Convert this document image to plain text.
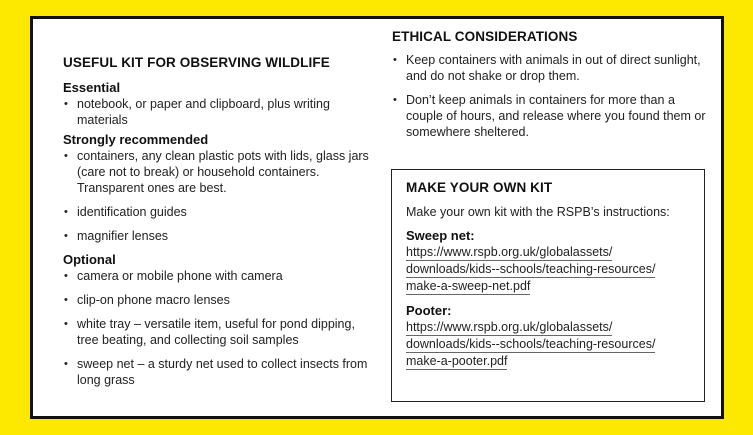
USEFUL KIT FOR OBSERVING WILDLIFE
Essential
• notebook, or paper and clipboard, plus writing materials
Strongly recommended
• containers, any clean plastic pots with lids, glass jars (care not to break) or household containers. Transparent ones are best.
• identification guides
• magnifier lenses
Optional
• camera or mobile phone with camera
• clip-on phone macro lenses
• white tray – versatile item, useful for pond dipping, tree beating, and collecting soil samples
• sweep net – a sturdy net used to collect insects from long grass
ETHICAL CONSIDERATIONS
• Keep containers with animals in out of direct sunlight, and do not shake or drop them.
• Don’t keep animals in containers for more than a couple of hours, and release where you found them or somewhere sheltered.
MAKE YOUR OWN KIT
Make your own kit with the RSPB’s instructions:
Sweep net:
https://www.rspb.org.uk/globalassets/
downloads/kids--schools/teaching-resources/
make-a-sweep-net.pdf
Pooter:
https://www.rspb.org.uk/globalassets/
downloads/kids--schools/teaching-resources/
make-a-pooter.pdf
